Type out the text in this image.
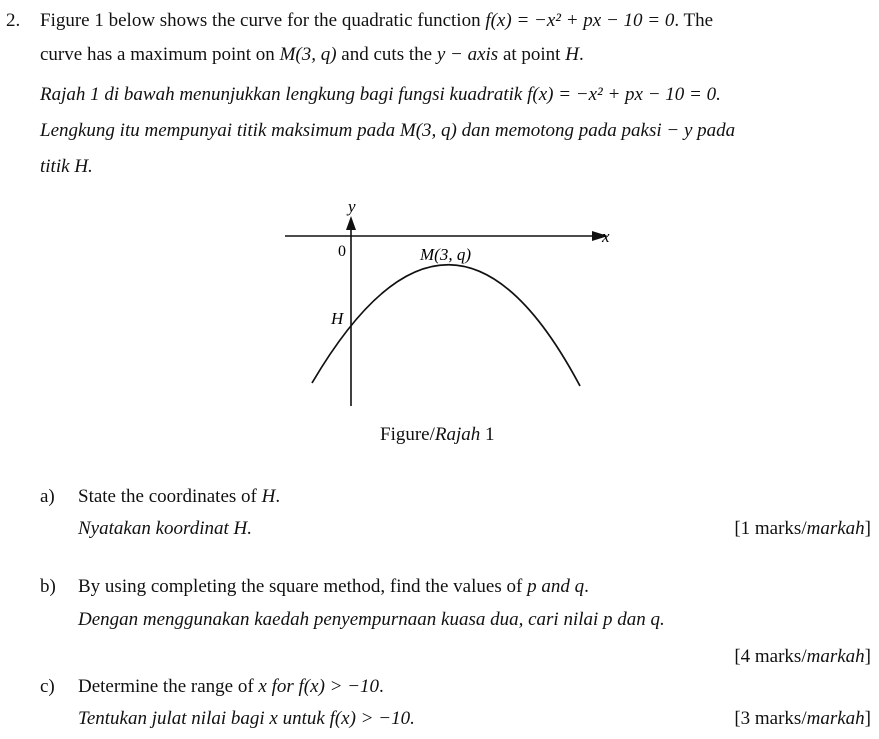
2. Figure 1 below shows the curve for the quadratic function f(x) = −x² + px − 10 = 0. The
curve has a maximum point on M(3, q) and cuts the y − axis at point H.
Rajah 1 di bawah menunjukkan lengkung bagi fungsi kuadratik f(x) = −x² + px − 10 = 0.
Lengkung itu mempunyai titik maksimum pada M(3, q) dan memotong pada paksi − y pada
titik H.
y
x
0	M(3, q)
H
Figure/Rajah 1
a) State the coordinates of H.
Nyatakan koordinat H.	[1 marks/markah]
b) By using completing the square method, find the values of p and q.
Dengan menggunakan kaedah penyempurnaan kuasa dua, cari nilai p dan q.
[4 marks/markah]
c) Determine the range of x for f(x) > −10.
Tentukan julat nilai bagi x untuk f(x) > −10.	[3 marks/markah]
